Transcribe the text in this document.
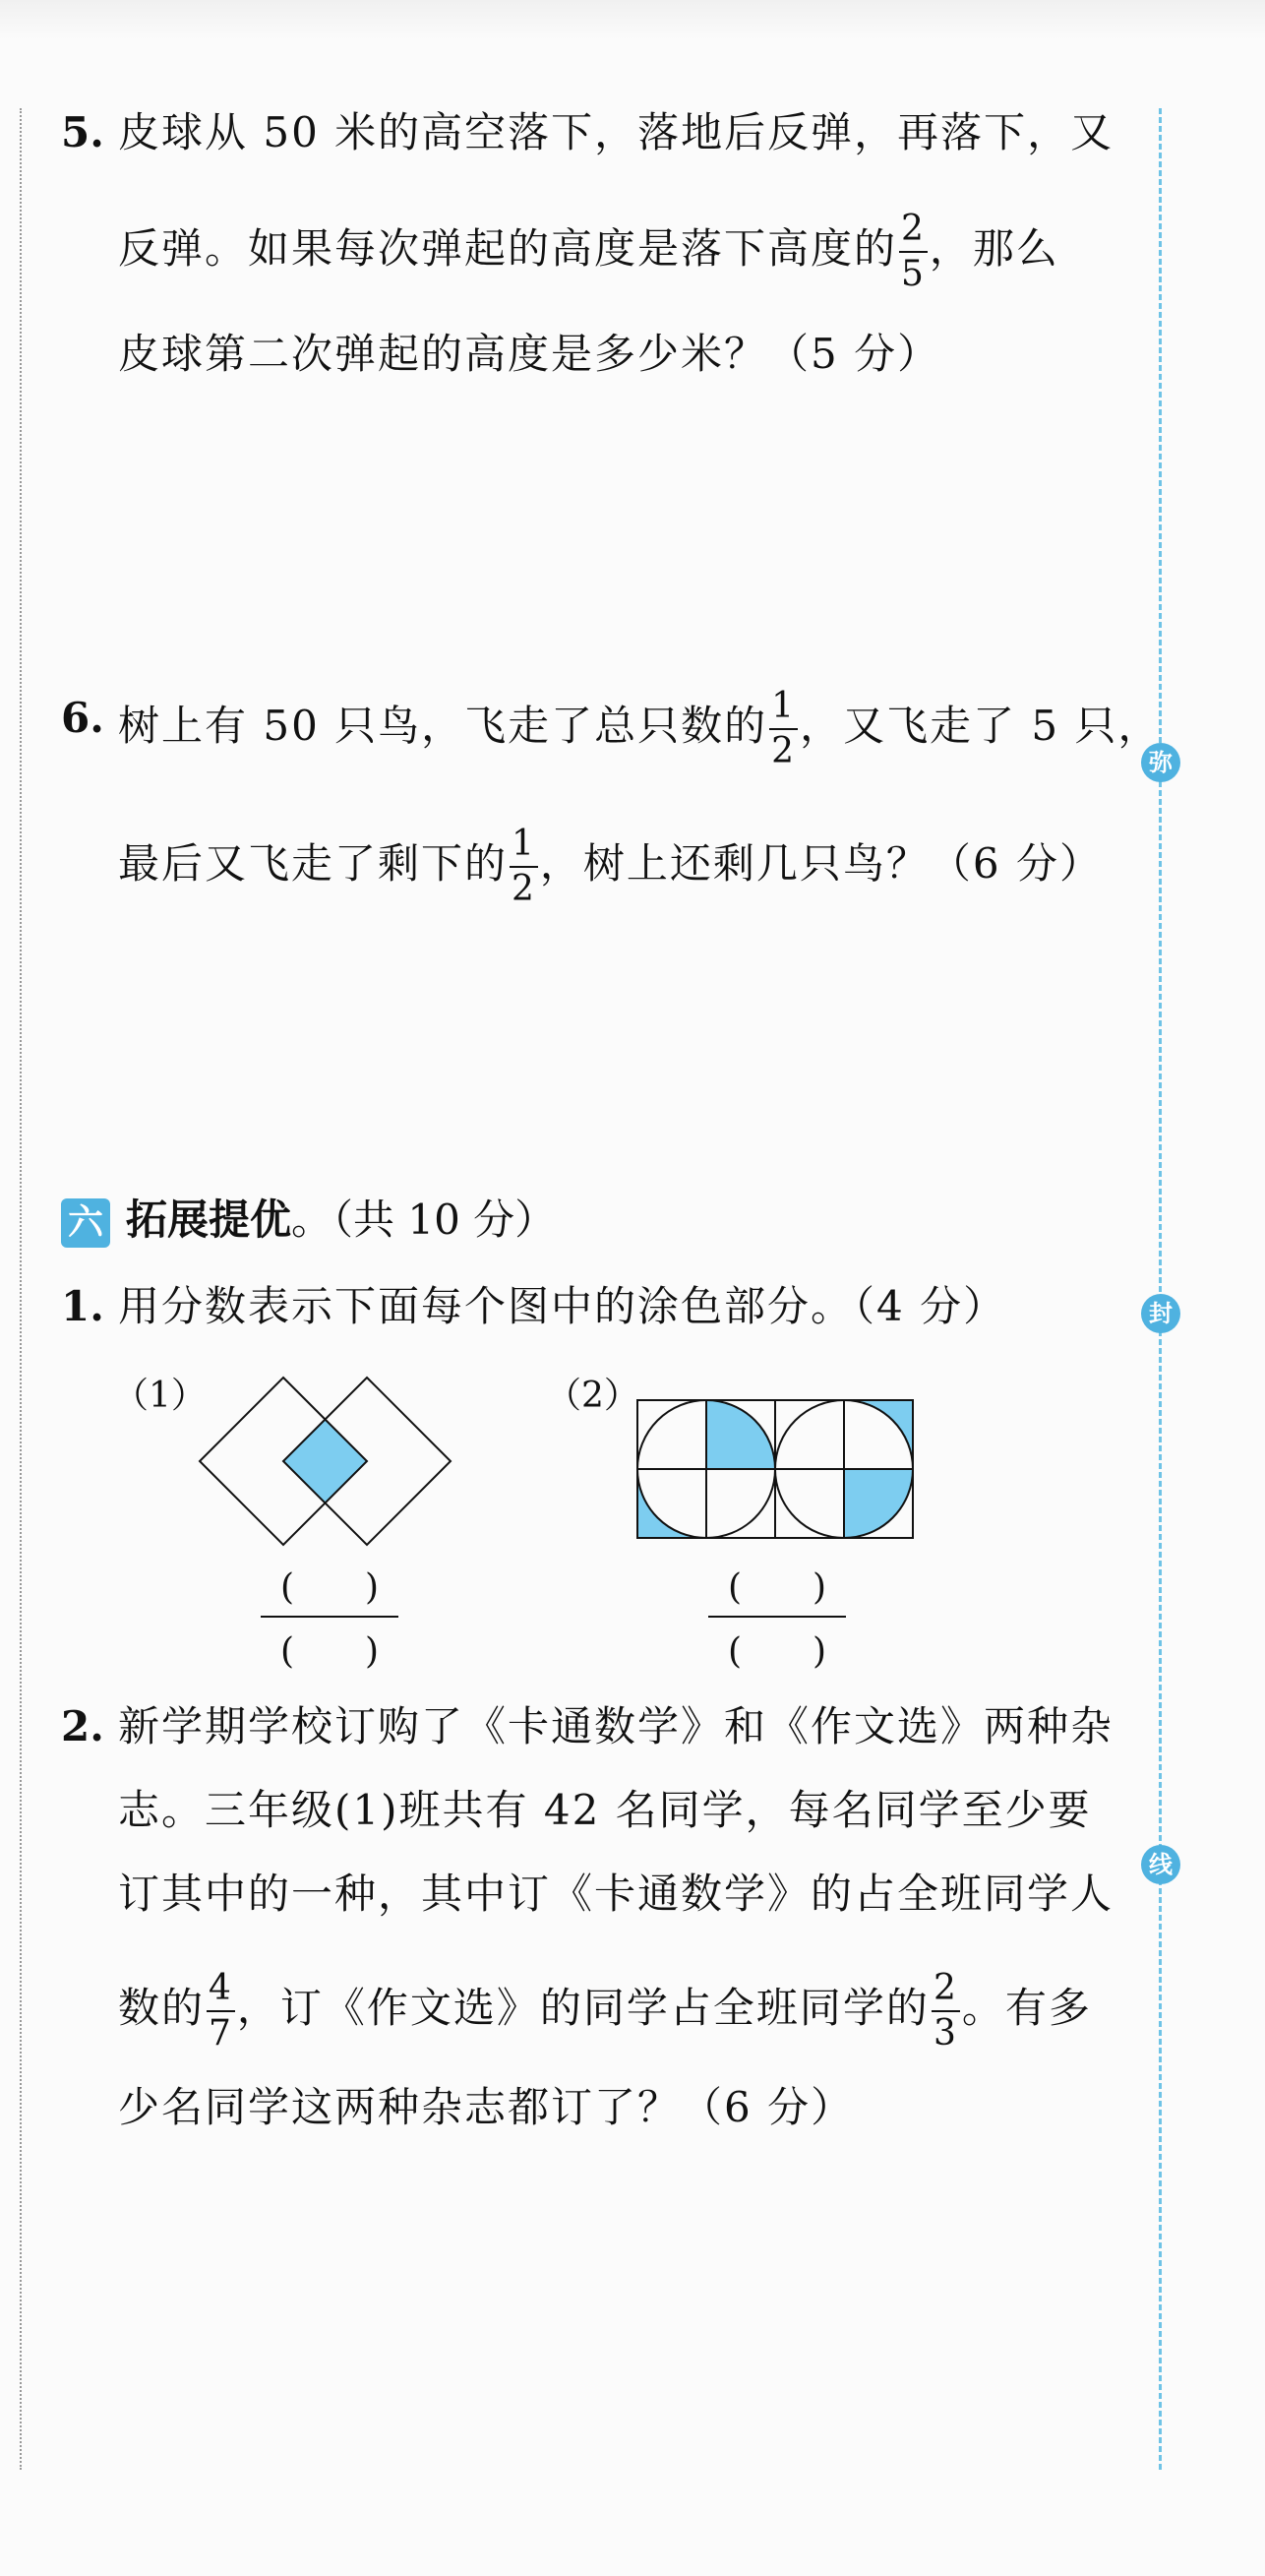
弥
封
线
5. 皮球从 50 米的高空落下，落地后反弹，再落下，又
反弹。如果每次弹起的高度是落下高度的 $\frac{2}{5}$ ，那么
皮球第二次弹起的高度是多少米？（5 分）
6. 树上有 50 只鸟，飞走了总只数的 $\frac{1}{2}$ ，又飞走了 5 只，
最后又飞走了剩下的 $\frac{1}{2}$ ，树上还剩几只鸟？（6 分）
六 拓展提优。（共 10 分）
1. 用分数表示下面每个图中的涂色部分。（4 分）
（1）	（2）
(　　)
(　　)
(　　)
(　　)
2. 新学期学校订购了《卡通数学》和《作文选》两种杂
志。三年级(1)班共有 42 名同学，每名同学至少要
订其中的一种，其中订《卡通数学》的占全班同学人
数的 $\frac{4}{7}$ ，订《作文选》的同学占全班同学的 $\frac{2}{3}$ 。有多
少名同学这两种杂志都订了？（6 分）
